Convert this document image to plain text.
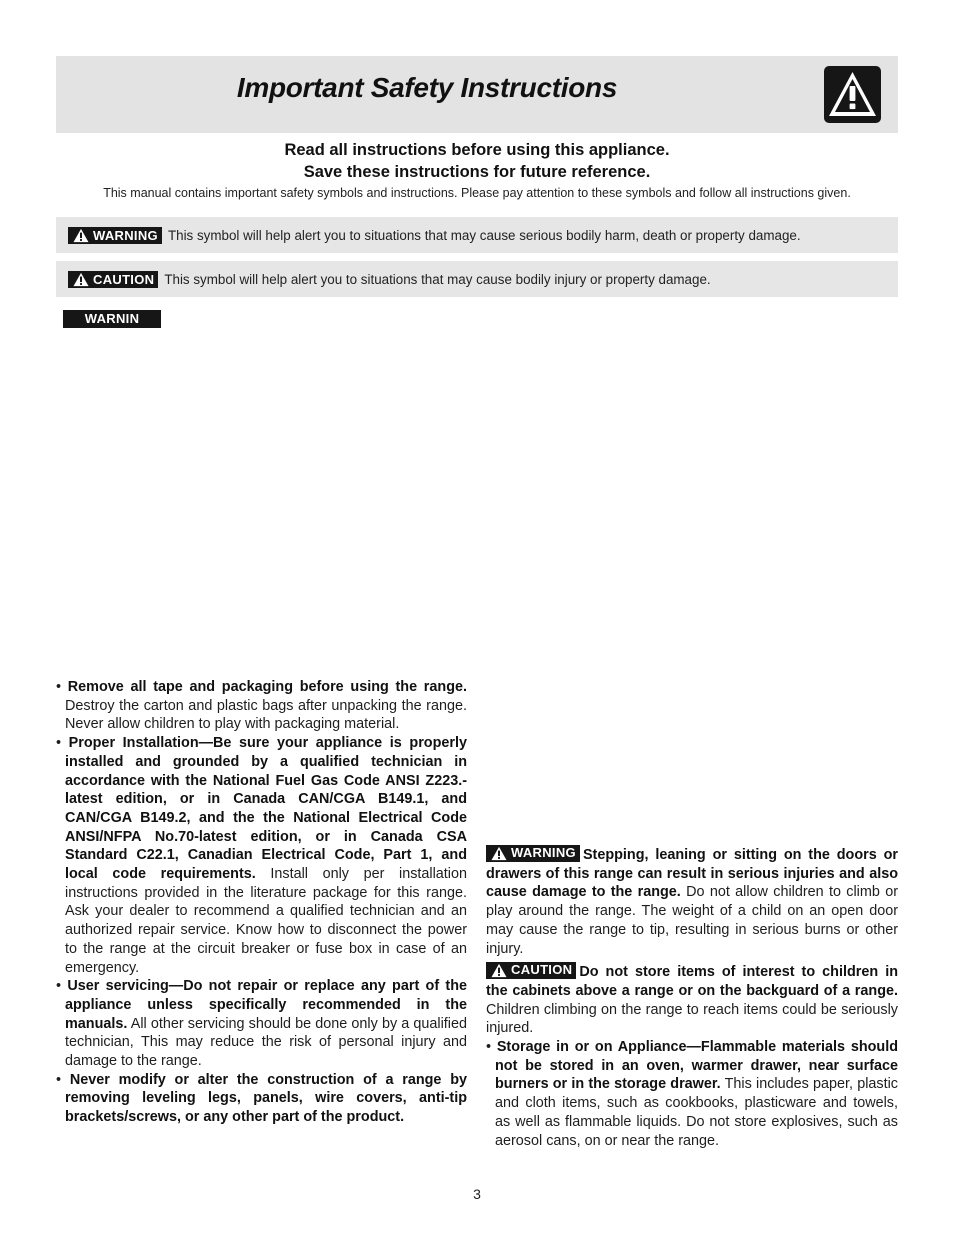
Important Safety Instructions
Read all instructions before using this appliance.
Save these instructions for future reference.
This manual contains important safety symbols and instructions. Please pay attention to these symbols and follow all instructions given.
WARNING This symbol will help alert you to situations that may cause serious bodily harm, death or property damage.
CAUTION This symbol will help alert you to situations that may cause bodily injury or property damage.
WARNIN

• Remove all tape and packaging before using the range. Destroy the carton and plastic bags after unpacking the range. Never allow children to play with packaging material.

• Proper Installation—Be sure your appliance is properly installed and grounded by a qualified technician in accordance with the National Fuel Gas Code ANSI Z223.- latest edition, or in Canada CAN/CGA B149.1, and CAN/CGA B149.2, and the the National Electrical Code ANSI/NFPA No.70-latest edition, or in Canada CSA Standard C22.1, Canadian Electrical Code, Part 1, and local code requirements. Install only per installation instructions provided in the literature package for this range. Ask your dealer to recommend a qualified technician and an authorized repair service. Know how to disconnect the power to the range at the circuit breaker or fuse box in case of an emergency.

• User servicing—Do not repair or replace any part of the appliance unless specifically recommended in the manuals. All other servicing should be done only by a qualified technician, This may reduce the risk of personal injury and damage to the range.

• Never modify or alter the construction of a range by removing leveling legs, panels, wire covers, anti-tip brackets/screws, or any other part of the product.

WARNING Stepping, leaning or sitting on the doors or drawers of this range can result in serious injuries and also cause damage to the range. Do not allow children to climb or play around the range. The weight of a child on an open door may cause the range to tip, resulting in serious burns or other injury.

CAUTION Do not store items of interest to children in the cabinets above a range or on the backguard of a range. Children climbing on the range to reach items could be seriously injured.

• Storage in or on Appliance—Flammable materials should not be stored in an oven, warmer drawer, near surface burners or in the storage drawer. This includes paper, plastic and cloth items, such as cookbooks, plasticware and towels, as well as flammable liquids. Do not store explosives, such as aerosol cans, on or near the range.

3
